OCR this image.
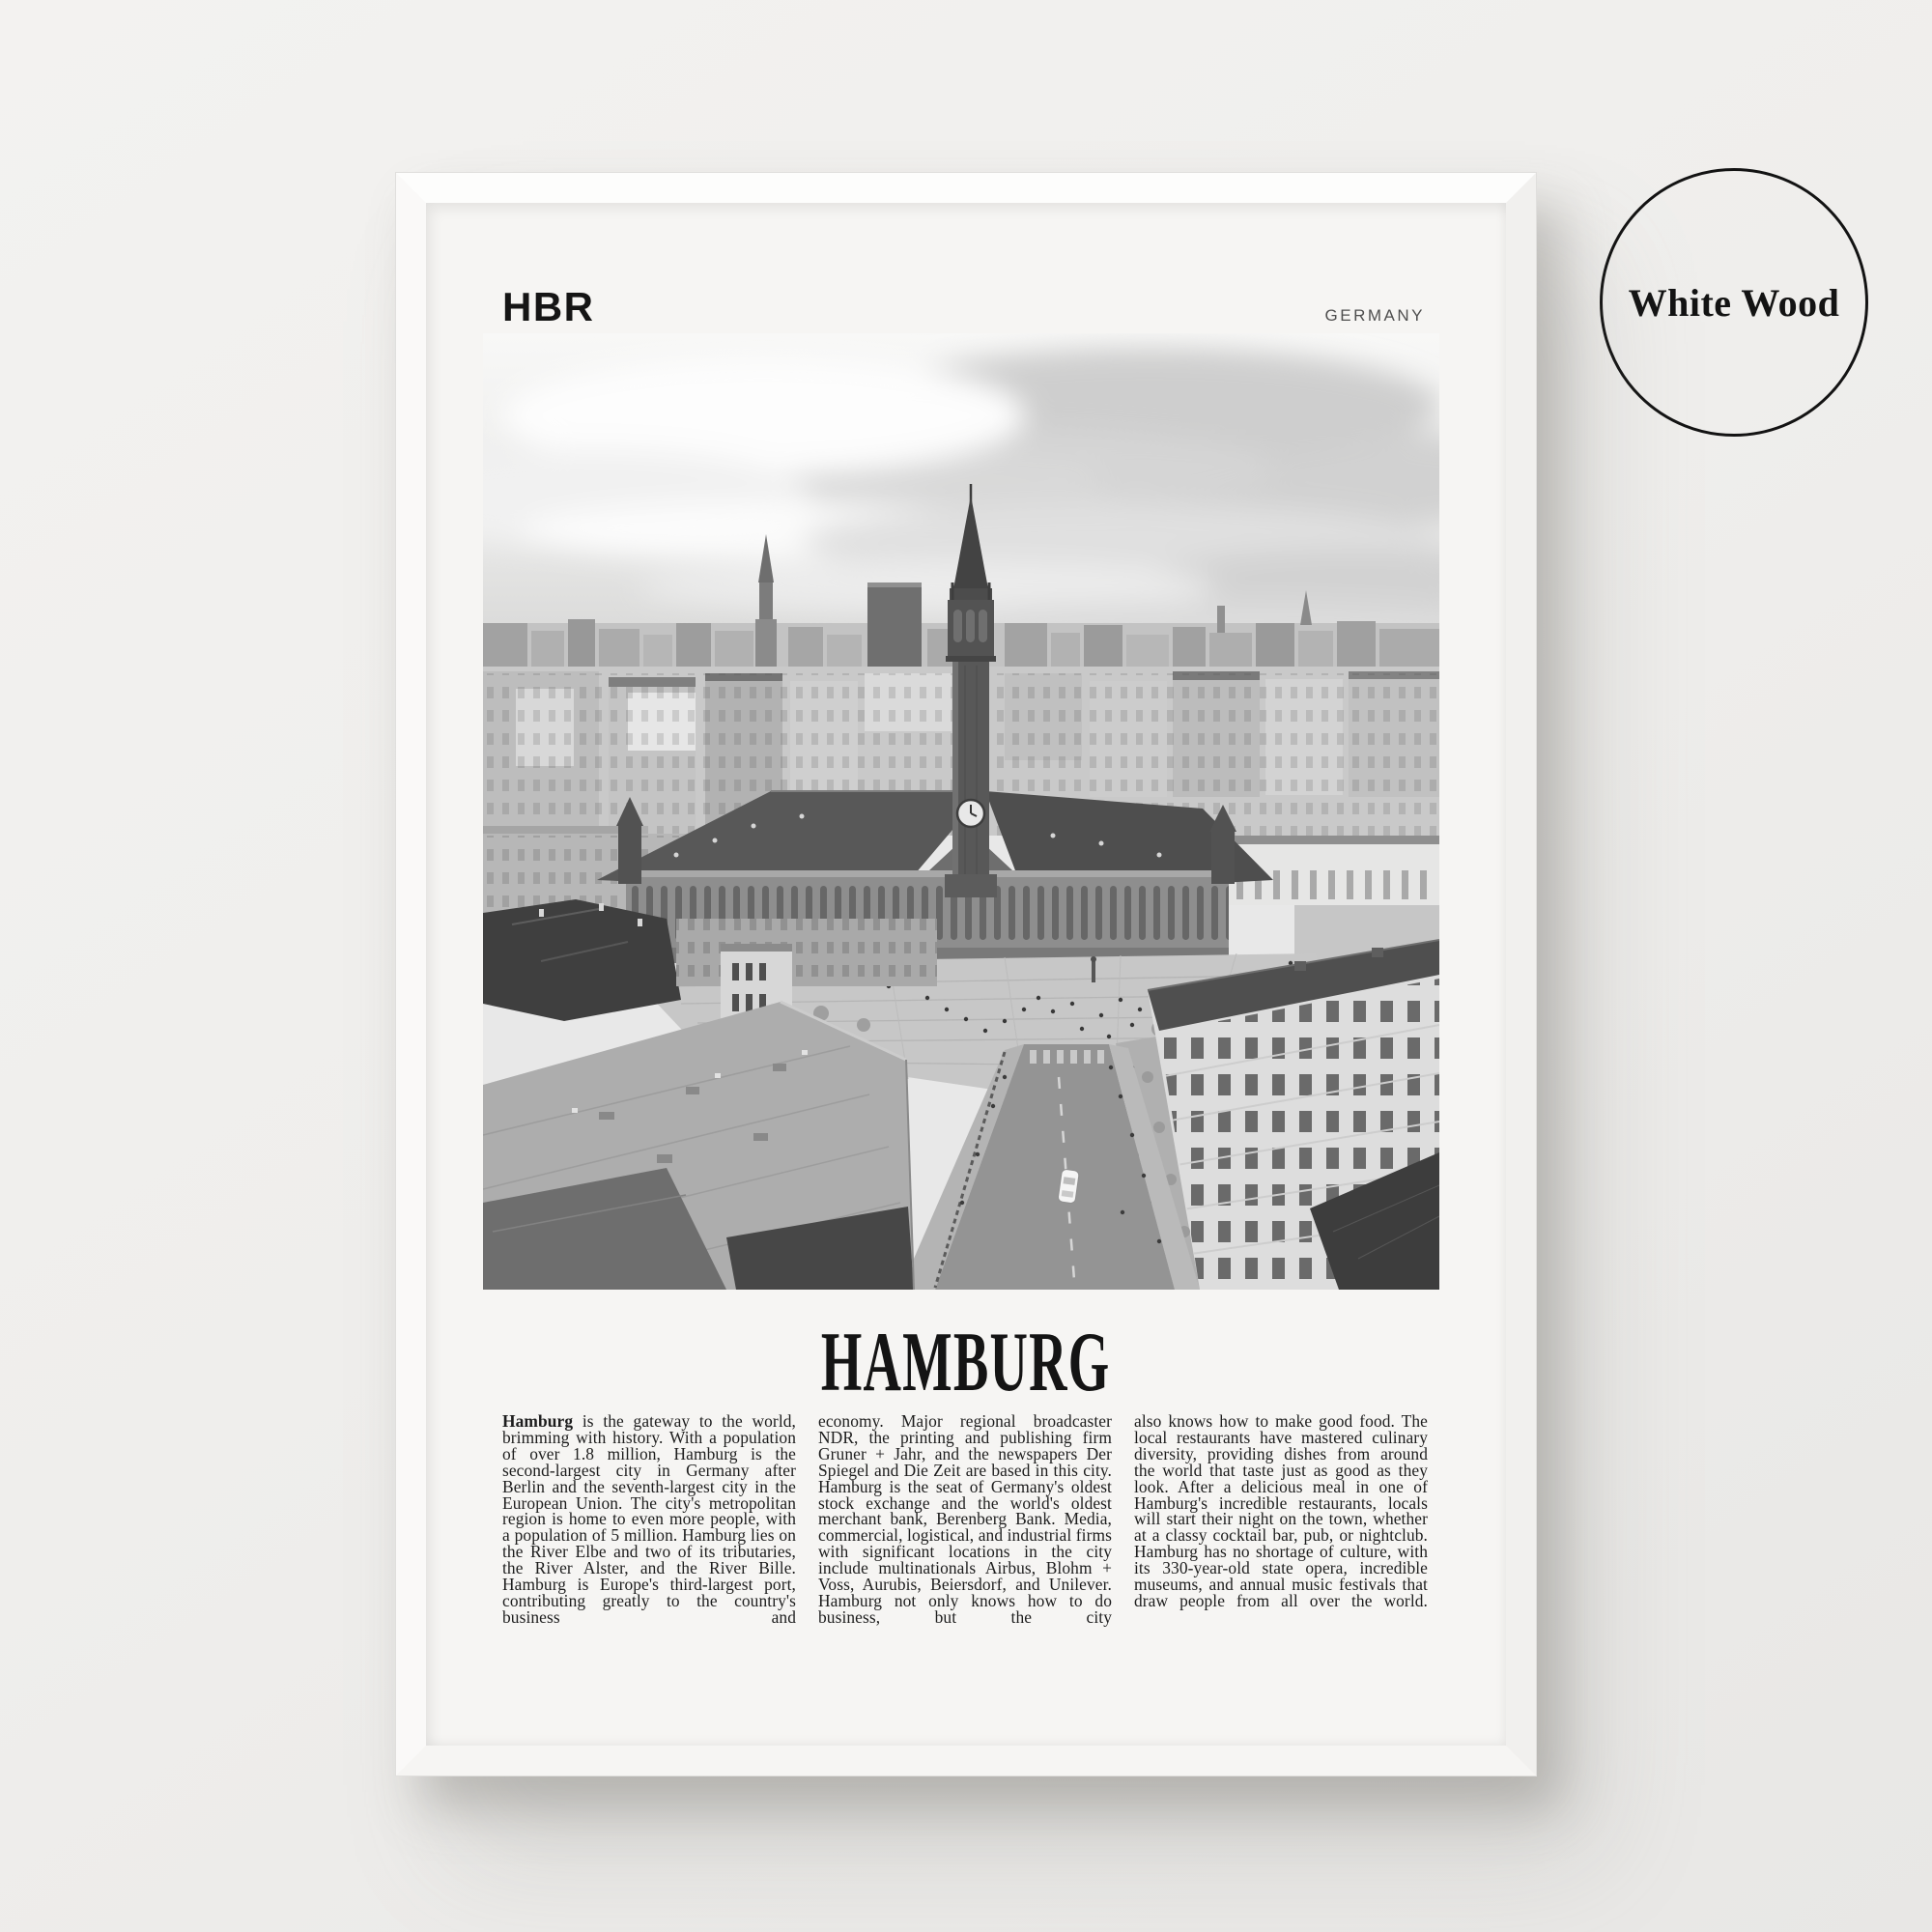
White Wood
HBR	GERMANY
HAMBURG

Hamburg is the gateway to the world, brimming with history. With a population of over 1.8 million, Hamburg is the second-largest city in Germany after Berlin and the seventh-largest city in the European Union. The city's metropolitan region is home to even more people, with a population of 5 million. Hamburg lies on the River Elbe and two of its tributaries, the River Alster, and the River Bille. Hamburg is Europe's third-largest port, contributing greatly to the country's business and

economy. Major regional broadcaster NDR, the printing and publishing firm Gruner + Jahr, and the newspapers Der Spiegel and Die Zeit are based in this city. Hamburg is the seat of Germany's oldest stock exchange and the world's oldest merchant bank, Berenberg Bank. Media, commercial, logistical, and industrial firms with significant locations in the city include multinationals Airbus, Blohm + Voss, Aurubis, Beiersdorf, and Unilever. Hamburg not only knows how to do business, but the city

also knows how to make good food. The local restaurants have mastered culinary diversity, providing dishes from around the world that taste just as good as they look. After a delicious meal in one of Hamburg's incredible restaurants, locals will start their night on the town, whether at a classy cocktail bar, pub, or nightclub. Hamburg has no shortage of culture, with its 330-year-old state opera, incredible museums, and annual music festivals that draw people from all over the world.
